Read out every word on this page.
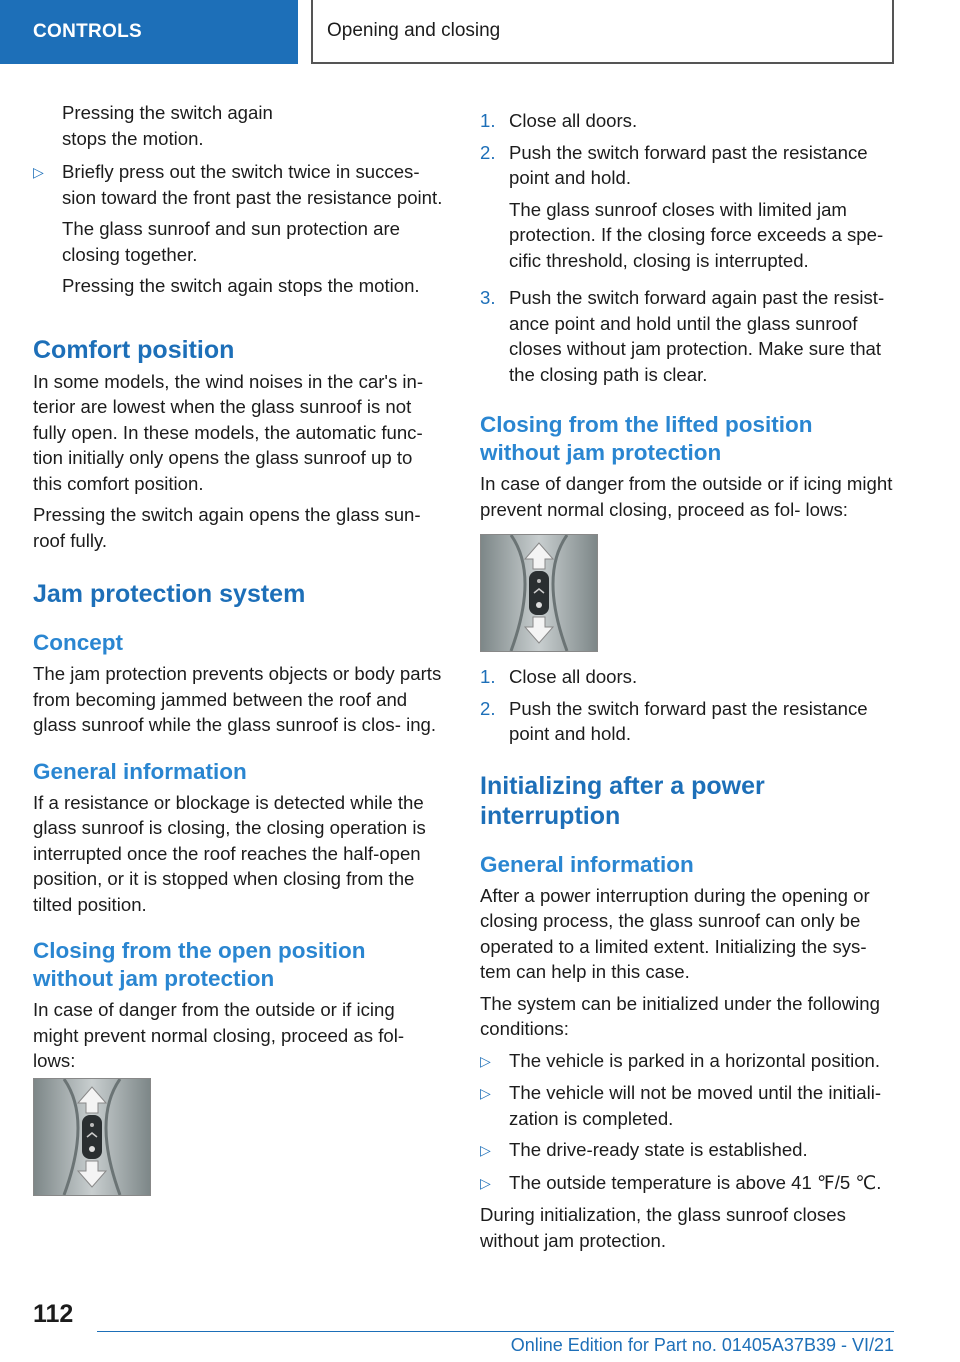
CONTROLS	Opening and closing

Pressing the switch again

stops the motion.

▷ Briefly press out the switch twice in succes- sion toward the front past the resistance point.
The glass sunroof and sun protection are closing together.
Pressing the switch again stops the motion.
Comfort position

In some models, the wind noises in the car's in- terior are lowest when the glass sunroof is not fully open. In these models, the automatic func- tion initially only opens the glass sunroof up to this comfort position.

Pressing the switch again opens the glass sun- roof fully.

Jam protection system
Concept

The jam protection prevents objects or body parts from becoming jammed between the roof and glass sunroof while the glass sunroof is clos- ing.

General information

If a resistance or blockage is detected while the glass sunroof is closing, the closing operation is interrupted once the roof reaches the half-open position, or it is stopped when closing from the tilted position.

Closing from the open position without jam protection

In case of danger from the outside or if icing might prevent normal closing, proceed as fol- lows:

1. Close all doors.
2. Push the switch forward past the resistance point and hold.
The glass sunroof closes with limited jam protection. If the closing force exceeds a spe- cific threshold, closing is interrupted.
3. Push the switch forward again past the resist- ance point and hold until the glass sunroof closes without jam protection. Make sure that the closing path is clear.
Closing from the lifted position without jam protection

In case of danger from the outside or if icing might prevent normal closing, proceed as fol- lows:

1. Close all doors.
2. Push the switch forward past the resistance point and hold.
Initializing after a power interruption
General information

After a power interruption during the opening or closing process, the glass sunroof can only be operated to a limited extent. Initializing the sys- tem can help in this case.

The system can be initialized under the following conditions:

▷ The vehicle is parked in a horizontal position.
▷ The vehicle will not be moved until the initiali- zation is completed.
▷ The drive-ready state is established.
▷ The outside temperature is above 41 ℉/5 ℃.

During initialization, the glass sunroof closes without jam protection.

112
Online Edition for Part no. 01405A37B39 - VI/21
